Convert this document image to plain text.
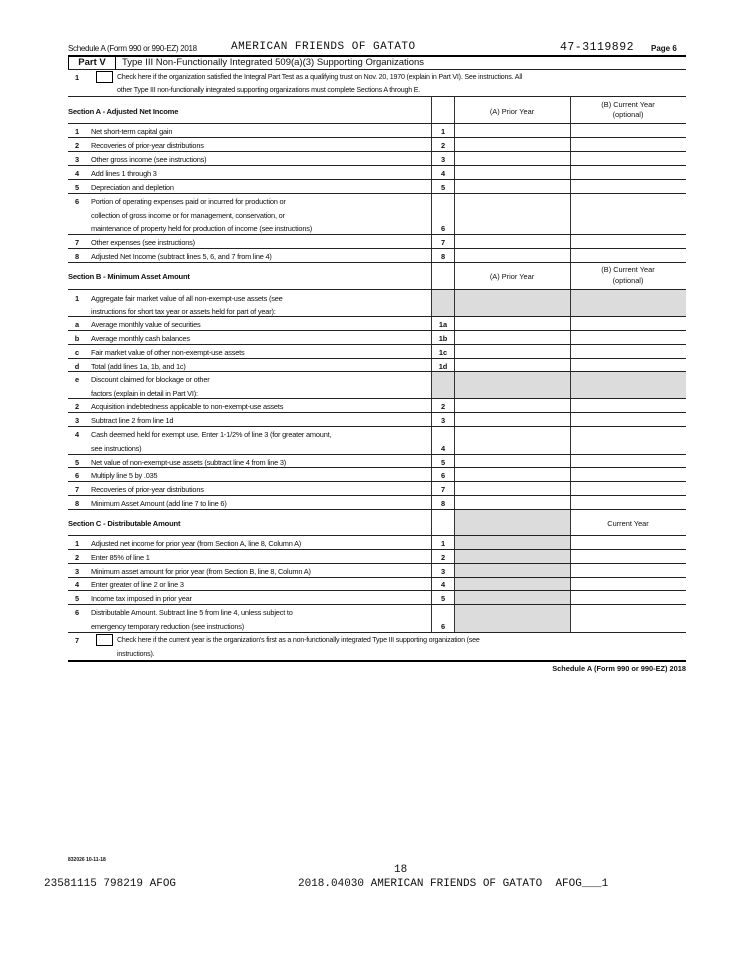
Schedule A (Form 990 or 990-EZ) 2018	AMERICAN FRIENDS OF GATATO	47-3119892 Page 6
Part V	Type III Non-Functionally Integrated 509(a)(3) Supporting Organizations
1	Check here if the organization satisfied the Integral Part Test as a qualifying trust on Nov. 20, 1970 (explain in Part VI). See instructions. All
other Type III non-functionally integrated supporting organizations must complete Sections A through E.
Section A - Adjusted Net Income	(A) Prior Year
(B) Current Year
(optional)
1	Net short-term capital gain	1
2	Recoveries of prior-year distributions	2
3	Other gross income (see instructions)	3
4	Add lines 1 through 3	4
5	Depreciation and depletion	5
6	Portion of operating expenses paid or incurred for production or
collection of gross income or for management, conservation, or
maintenance of property held for production of income (see instructions)	6
7	Other expenses (see instructions)	7
8	Adjusted Net Income (subtract lines 5, 6, and 7 from line 4)	8
Section B - Minimum Asset Amount	(A) Prior Year
(B) Current Year
(optional)
1	Aggregate fair market value of all non-exempt-use assets (see
instructions for short tax year or assets held for part of year):
a	Average monthly value of securities	1a
b	Average monthly cash balances	1b
c	Fair market value of other non-exempt-use assets	1c
d	Total (add lines 1a, 1b, and 1c)	1d
e	Discount claimed for blockage or other
factors (explain in detail in Part VI):
2	Acquisition indebtedness applicable to non-exempt-use assets	2
3	Subtract line 2 from line 1d	3
4	Cash deemed held for exempt use. Enter 1-1/2% of line 3 (for greater amount,
see instructions)	4
5	Net value of non-exempt-use assets (subtract line 4 from line 3)	5
6	Multiply line 5 by .035	6
7	Recoveries of prior-year distributions	7
8	Minimum Asset Amount (add line 7 to line 6)	8
Section C - Distributable Amount	Current Year
1	Adjusted net income for prior year (from Section A, line 8, Column A)	1
2	Enter 85% of line 1	2
3	Minimum asset amount for prior year (from Section B, line 8, Column A)	3
4	Enter greater of line 2 or line 3	4
5	Income tax imposed in prior year	5
6	Distributable Amount. Subtract line 5 from line 4, unless subject to
emergency temporary reduction (see instructions)	6
7	Check here if the current year is the organization's first as a non-functionally integrated Type III supporting organization (see
instructions).
Schedule A (Form 990 or 990-EZ) 2018
832026 10-11-18
18
23581115 798219 AFOG	2018.04030 AMERICAN FRIENDS OF GATATO  AFOG___1
